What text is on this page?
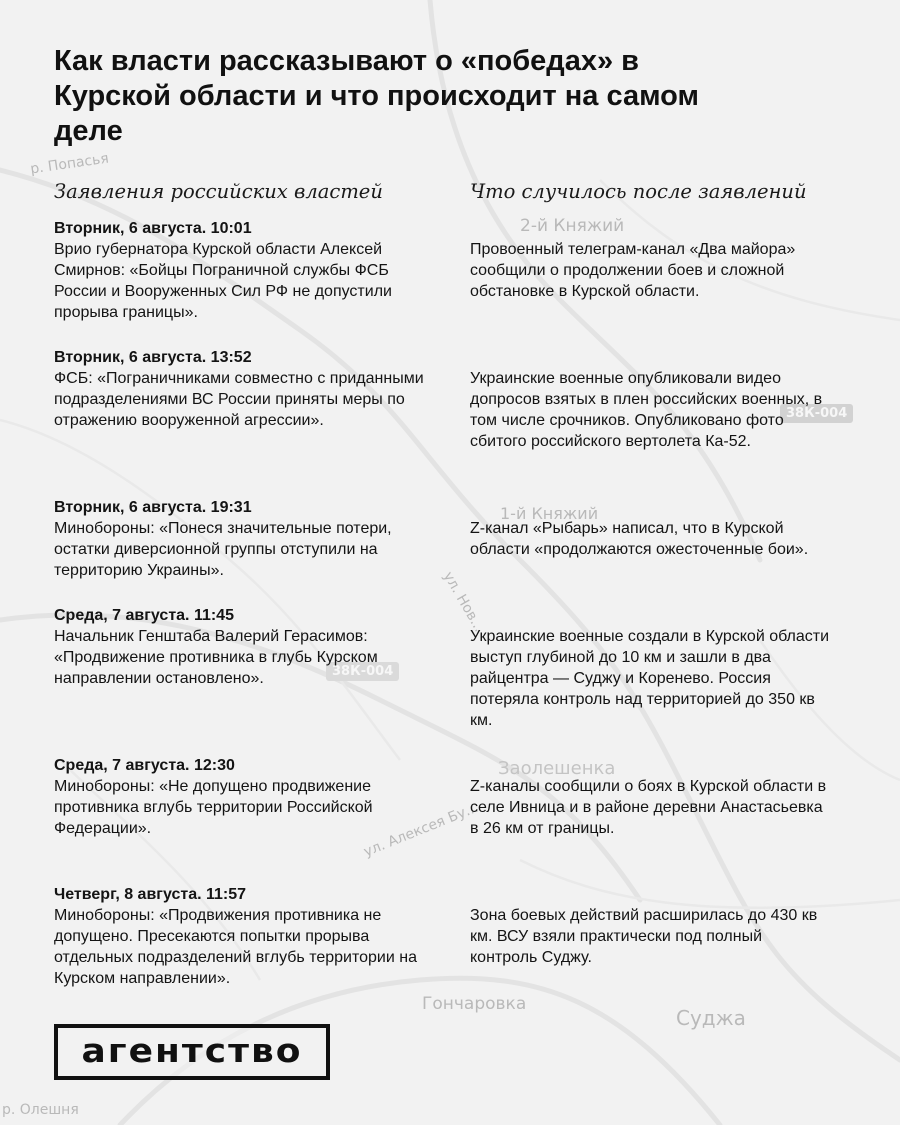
р. Попасья
2-й Княжий
1-й Княжий
38К-004
38К-004
ул. Нов...
ул. Алексея Бу...
Заолешенка
Гончаровка
Суджа
р. Олешня
Как власти рассказывают о «победах» в Курской области и что происходит на самом деле
Заявления российских властей	Что случилось после заявлений

Вторник, 6 августа. 10:01

Врио губернатора Курской области Алексей Смирнов: «Бойцы Пограничной службы ФСБ России и Вооруженных Сил РФ не допустили прорыва границы».

Провоенный телеграм-канал «Два майора» сообщили о продолжении боев и сложной обстановке в Курской области.

Вторник, 6 августа. 13:52

ФСБ: «Пограничниками совместно с приданными подразделениями ВС России приняты меры по отражению вооруженной агрессии».

Украинские военные опубликовали видео допросов взятых в плен российских военных, в том числе срочников. Опубликовано фото сбитого российского вертолета Ка-52.

Вторник, 6 августа. 19:31

Минобороны: «Понеся значительные потери, остатки диверсионной группы отступили на территорию Украины».

Z-канал «Рыбарь» написал, что в Курской области «продолжаются ожесточенные бои».

Среда, 7 августа. 11:45

Начальник Генштаба Валерий Герасимов: «Продвижение противника в глубь Курском направлении остановлено».

Украинские военные создали в Курской области выступ глубиной до 10 км и зашли в два райцентра — Суджу и Коренево. Россия потеряла контроль над территорией до 350 кв км.

Среда, 7 августа. 12:30

Минобороны: «Не допущено продвижение противника вглубь территории Российской Федерации».

Z-каналы сообщили о боях в Курской области в селе Ивница и в районе деревни Анастасьевка в 26 км от границы.

Четверг, 8 августа. 11:57

Минобороны: «Продвижения противника не допущено. Пресекаются попытки прорыва отдельных подразделений вглубь территории на Курском направлении».

Зона боевых действий расширилась до 430 кв км. ВСУ взяли практически под полный контроль Суджу.

агентство
